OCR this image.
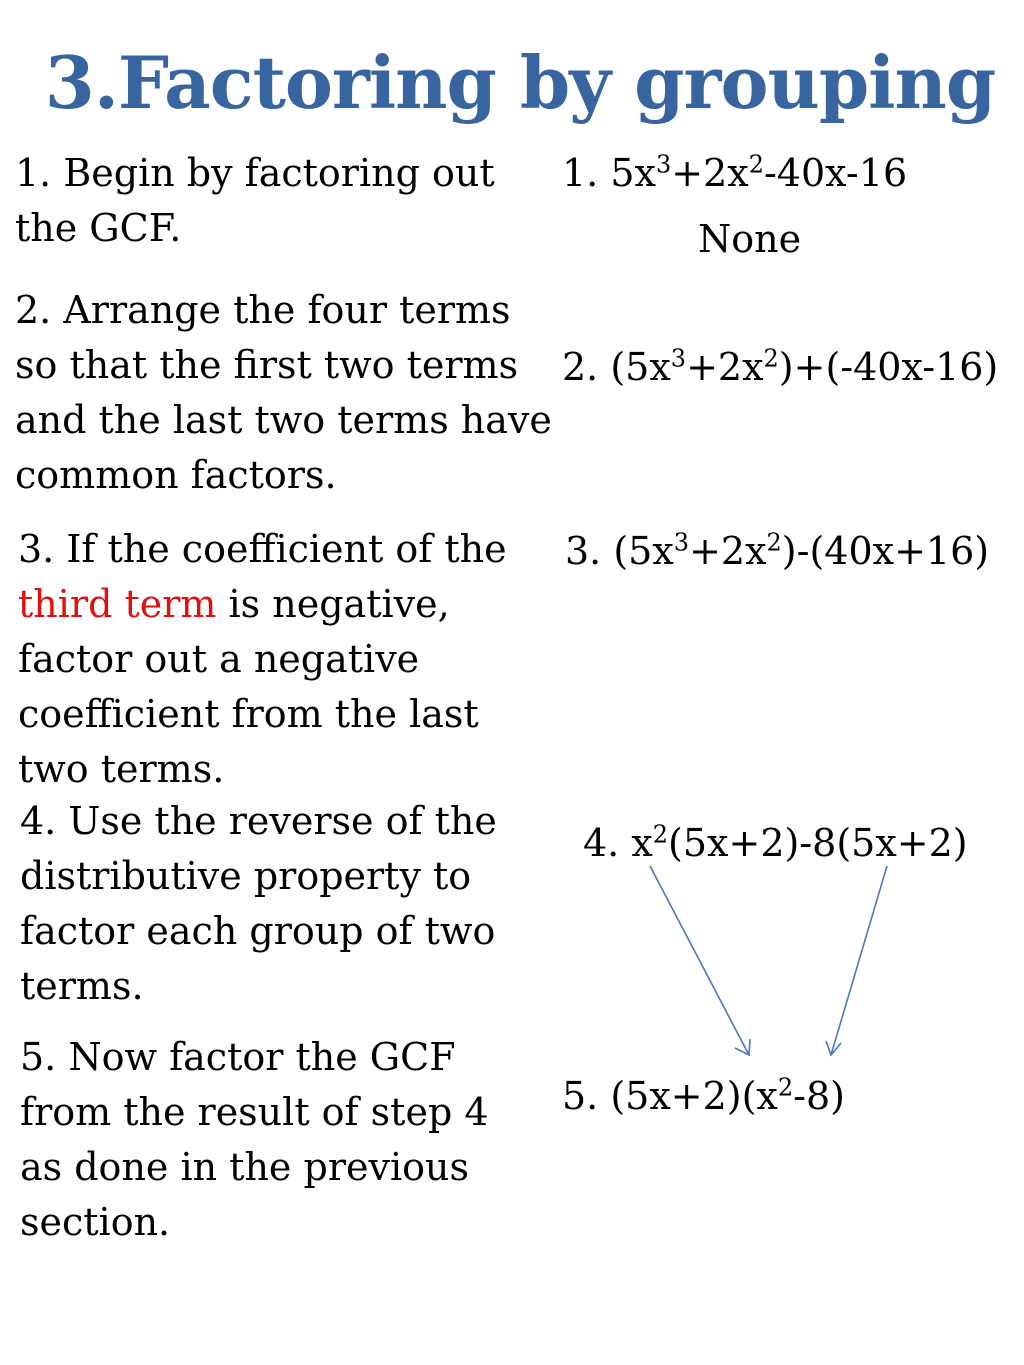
3.Factoring by grouping
1. Begin by factoring out
the GCF.
2. Arrange the four terms
so that the first two terms
and the last two terms have
common factors.
3. If the coefficient of the
third term is negative,
factor out a negative
coefficient from the last
two terms.
4. Use the reverse of the
distributive property to
factor each group of two
terms.
5. Now factor the GCF
from the result of step 4
as done in the previous
section.
1. $5x^3+2x^2-40x-16$
None
2. $(5x^3+2x^2)+(-40x-16)$
3. $(5x^3+2x^2)-(40x+16)$
4. $x^2(5x+2)-8(5x+2)$
5. $(5x+2)(x^2-8)$
